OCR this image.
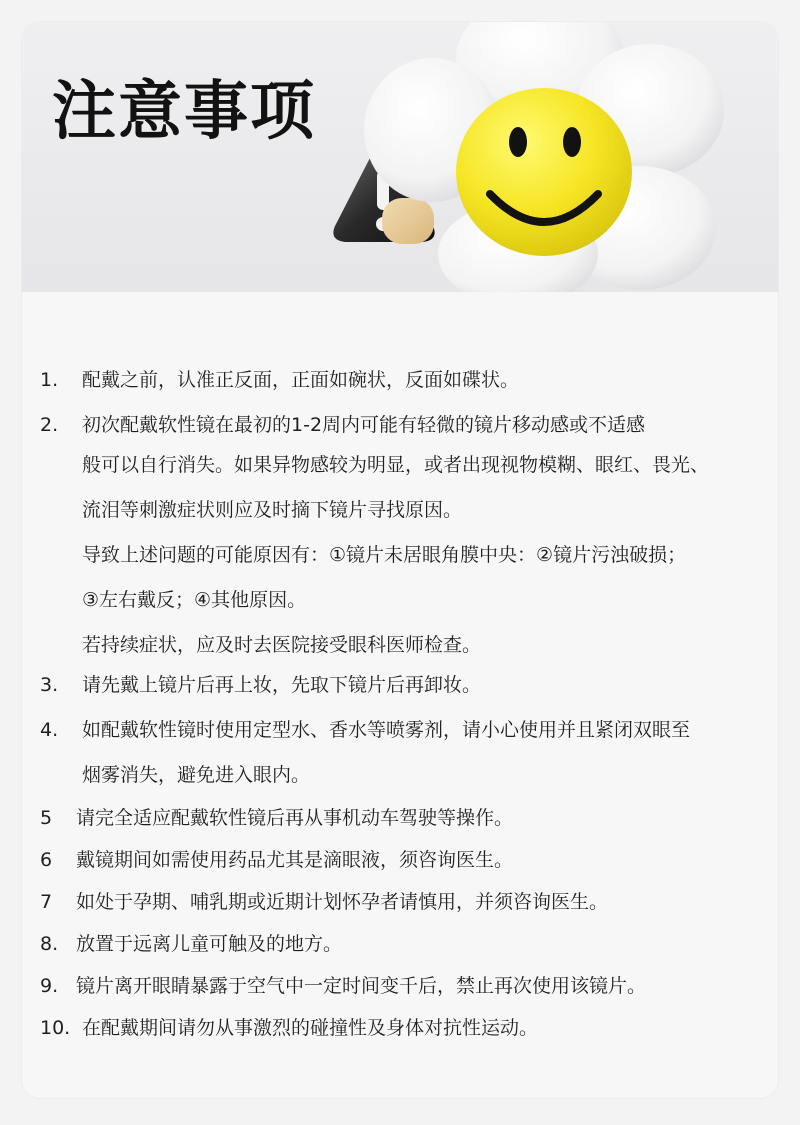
注意事项
1. 配戴之前，认准正反面，正面如碗状，反面如碟状。
2. 初次配戴软性镜在最初的1-2周内可能有轻微的镜片移动感或不适感
般可以自行消失。如果异物感较为明显，或者出现视物模糊、眼红、畏光、
流泪等刺激症状则应及时摘下镜片寻找原因。
导致上述问题的可能原因有：①镜片未居眼角膜中央：②镜片污浊破损；
③左右戴反；④其他原因。
若持续症状，应及时去医院接受眼科医师检查。
3. 请先戴上镜片后再上妆，先取下镜片后再卸妆。
4. 如配戴软性镜时使用定型水、香水等喷雾剂，请小心使用并且紧闭双眼至
烟雾消失，避免进入眼内。
5 请完全适应配戴软性镜后再从事机动车驾驶等操作。
6 戴镜期间如需使用药品尤其是滴眼液，须咨询医生。
7 如处于孕期、哺乳期或近期计划怀孕者请慎用，并须咨询医生。
8. 放置于远离儿童可触及的地方。
9. 镜片离开眼睛暴露于空气中一定时间变千后，禁止再次使用该镜片。
10. 在配戴期间请勿从事激烈的碰撞性及身体对抗性运动。
